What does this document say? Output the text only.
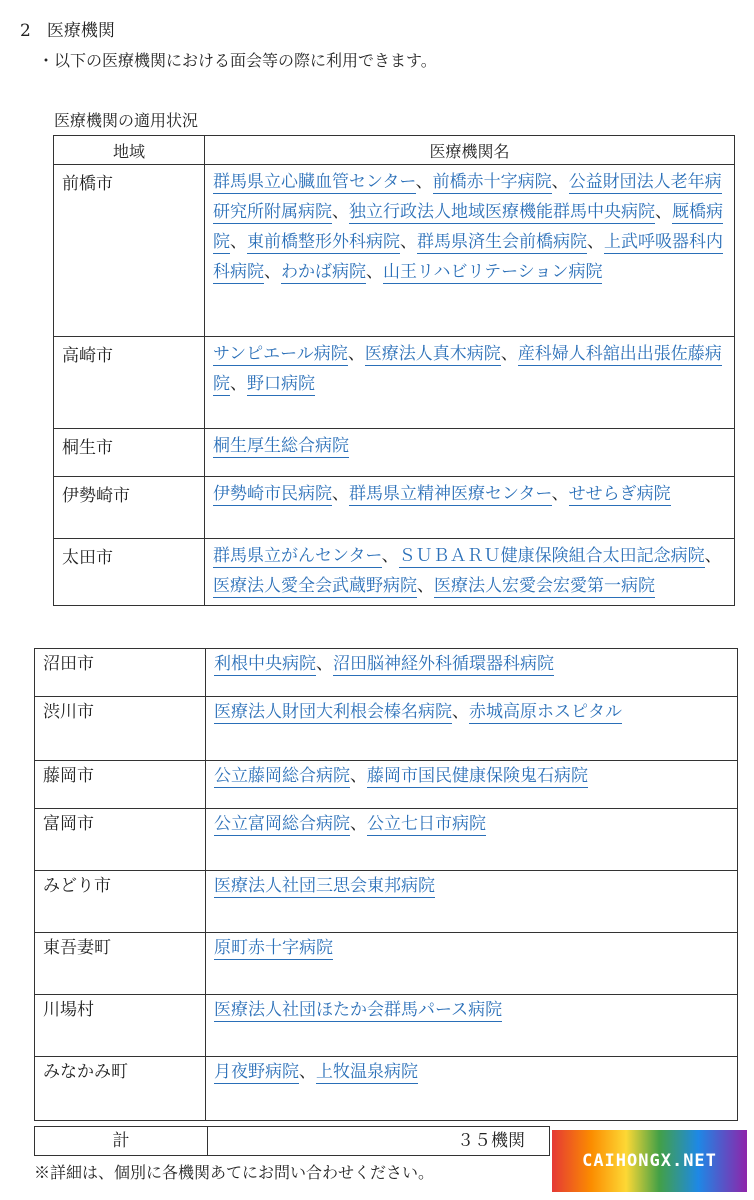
2 医療機関
・以下の医療機関における面会等の際に利用できます。
医療機関の適用状況
地域	医療機関名
前橋市	群馬県立心臓血管センター、前橋赤十字病院、公益財団法人老年病研究所附属病院、独立行政法人地域医療機能群馬中央病院、厩橋病院、東前橋整形外科病院、群馬県済生会前橋病院、上武呼吸器科内科病院、わかば病院、山王リハビリテーション病院
高崎市	サンピエール病院、医療法人真木病院、産科婦人科舘出出張佐藤病院、野口病院
桐生市	桐生厚生総合病院
伊勢崎市	伊勢崎市民病院、群馬県立精神医療センター、せせらぎ病院
太田市	群馬県立がんセンター、ＳＵＢＡＲＵ健康保険組合太田記念病院、医療法人愛全会武蔵野病院、医療法人宏愛会宏愛第一病院
沼田市	利根中央病院、沼田脳神経外科循環器科病院
渋川市	医療法人財団大利根会榛名病院、赤城高原ホスピタル
藤岡市	公立藤岡総合病院、藤岡市国民健康保険鬼石病院
富岡市	公立富岡総合病院、公立七日市病院
みどり市	医療法人社団三思会東邦病院
東吾妻町	原町赤十字病院
川場村	医療法人社団ほたか会群馬パース病院
みなかみ町	月夜野病院、上牧温泉病院
計	３５機関
※詳細は、個別に各機関あてにお問い合わせください。
CAIHONGX.NET
